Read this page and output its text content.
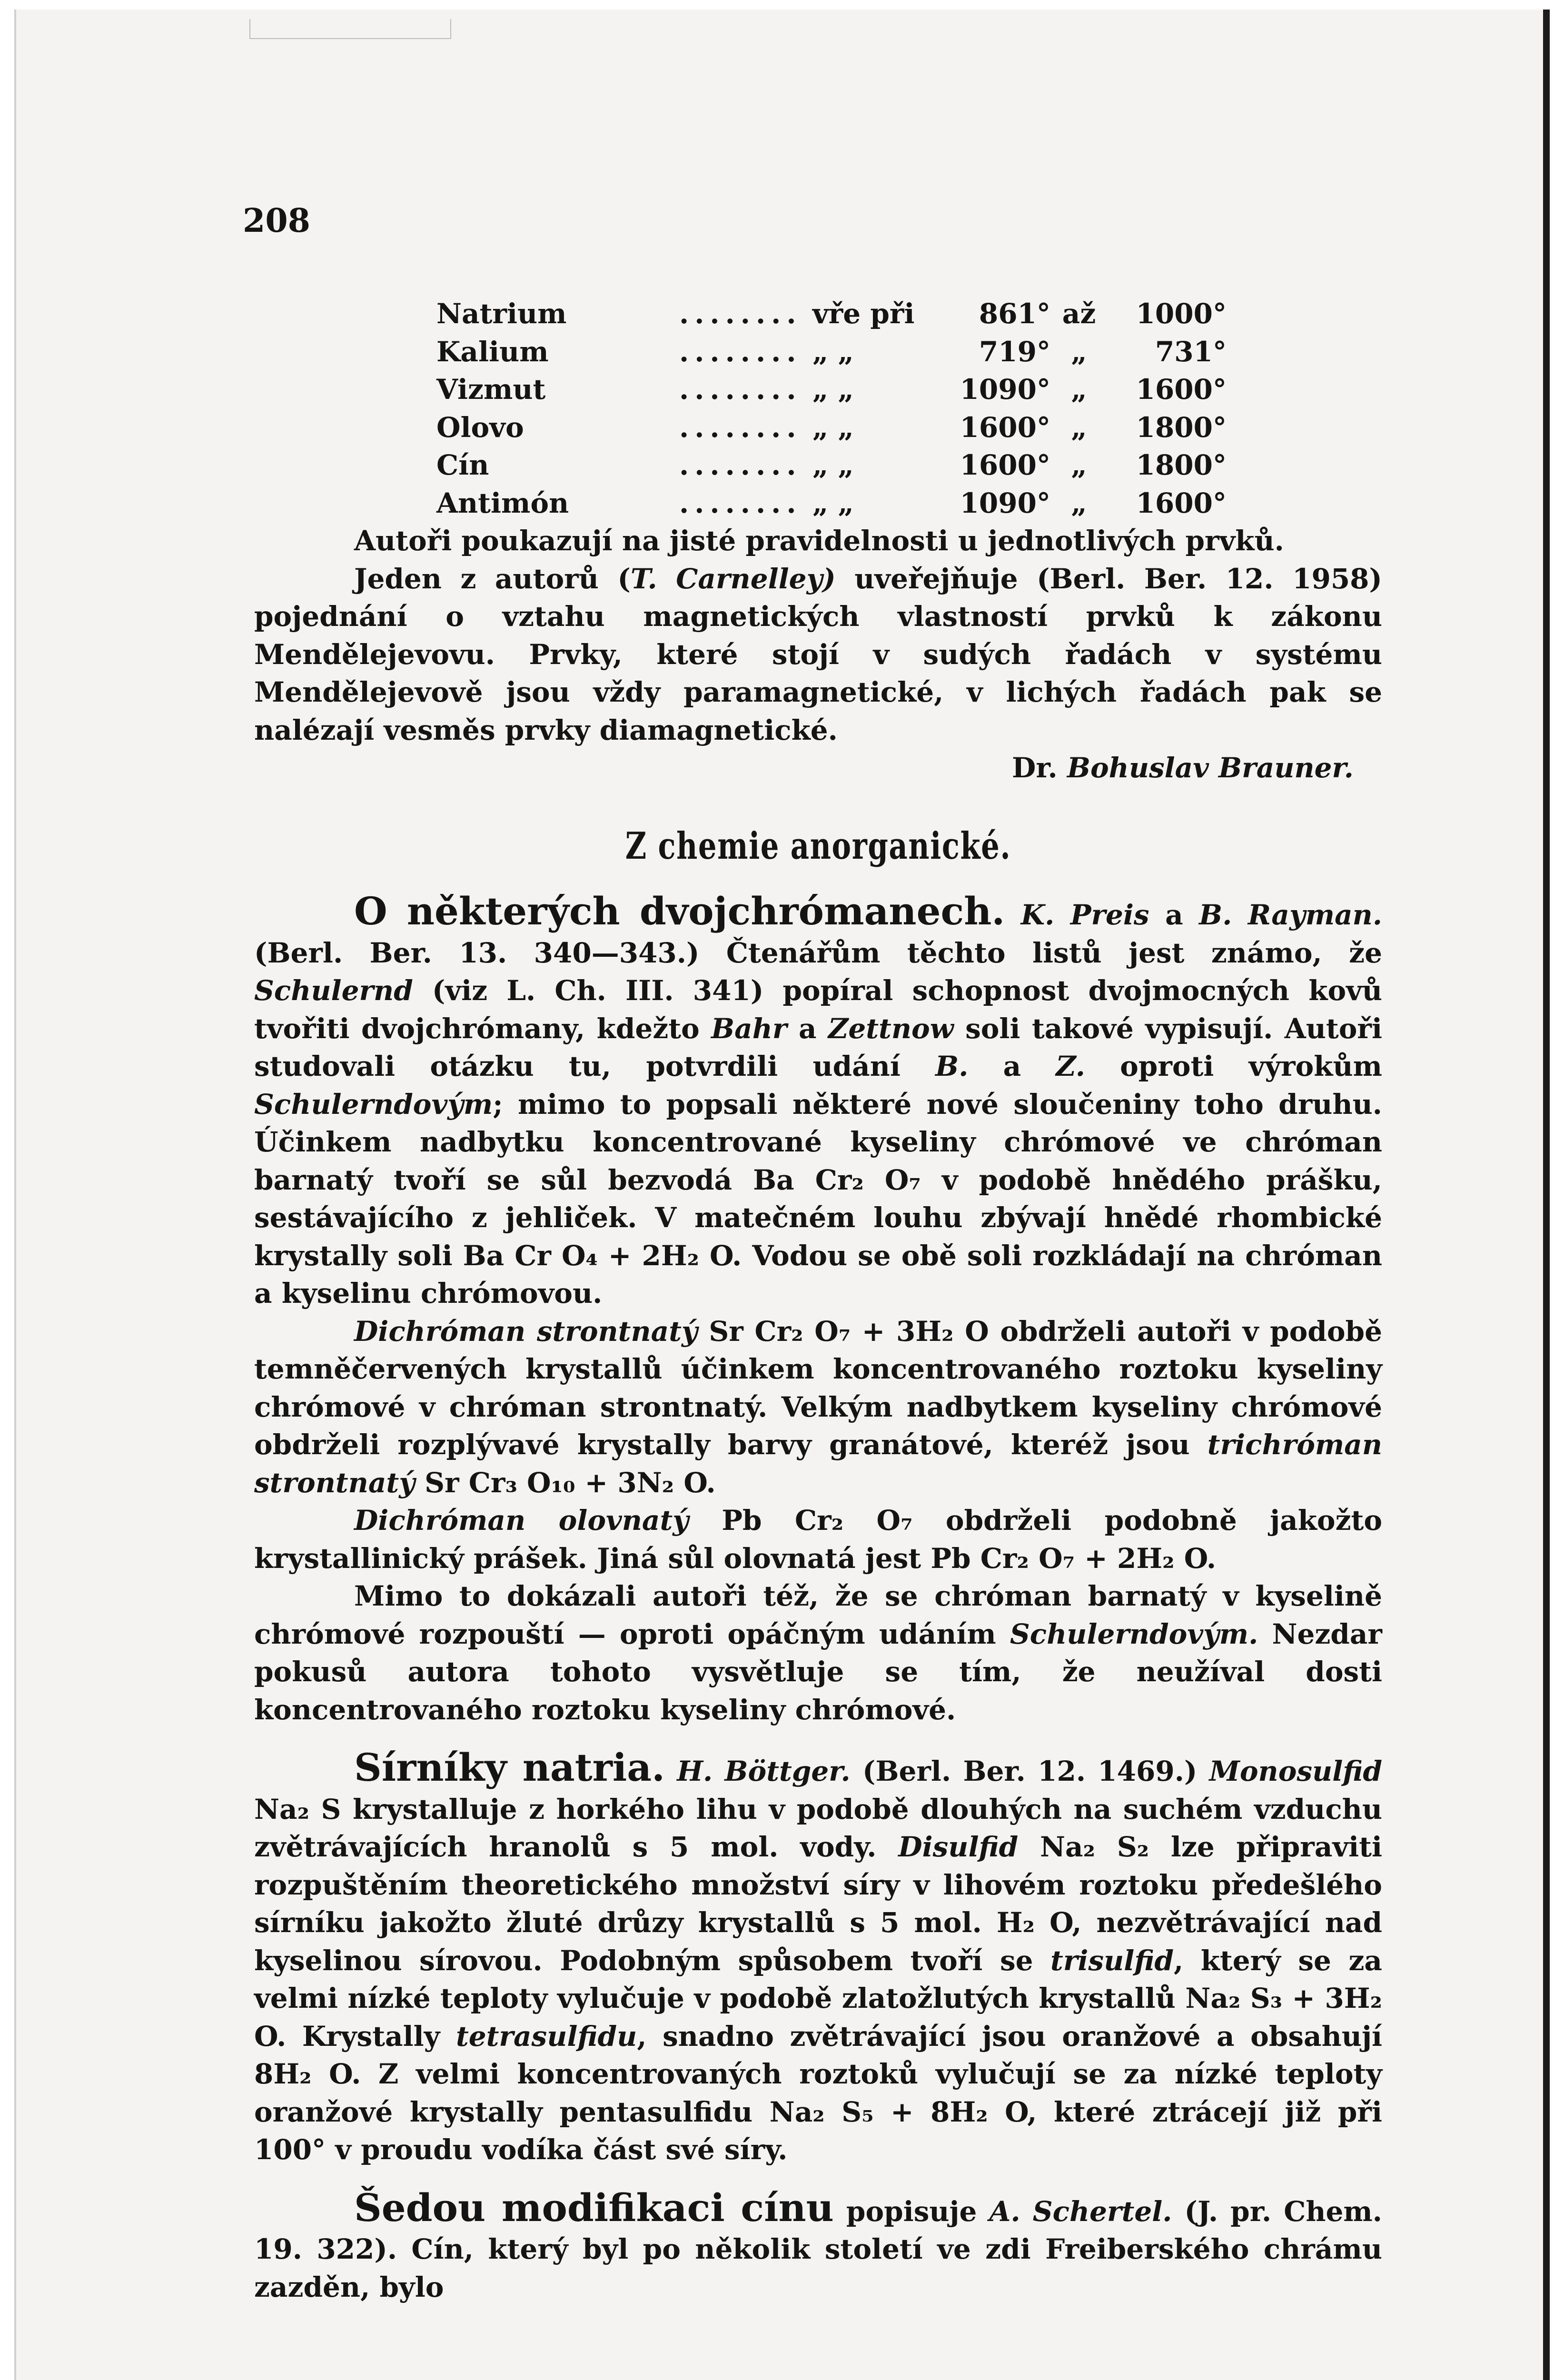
208
Natrium	........	vře při	861°	až	1000°
Kalium	........	„ „	719°	„	731°
Vizmut	........	„ „	1090°	„	1600°
Olovo	........	„ „	1600°	„	1800°
Cín	........	„ „	1600°	„	1800°
Antimón	........	„ „	1090°	„	1600°

Autoři poukazují na jisté pravidelnosti u jednotlivých prvků.

Jeden z autorů (T. Carnelley) uveřejňuje (Berl. Ber. 12. 1958) pojednání o vztahu magnetických vlastností prvků k zákonu Mendělejevovu. Prvky, které stojí v sudých řadách v systému Mendělejevově jsou vždy paramagnetické, v lichých řadách pak se nalézají vesměs prvky diamagnetické.

Dr. Bohuslav Brauner.
Z chemie anorganické.

O některých dvojchrómanech. K. Preis a B. Rayman. (Berl. Ber. 13. 340—343.) Čtenářům těchto listů jest známo, že Schulernd (viz L. Ch. III. 341) popíral schopnost dvojmocných kovů tvořiti dvojchrómany, kdežto Bahr a Zettnow soli takové vypisují. Autoři studovali otázku tu, potvrdili udání B. a Z. oproti výrokům Schulerndovým; mimo to popsali některé nové sloučeniny toho druhu. Účinkem nadbytku koncentrované kyseliny chrómové ve chróman barnatý tvoří se sůl bezvodá Ba Cr₂ O₇ v podobě hnědého prášku, sestávajícího z jehliček. V matečném louhu zbývají hnědé rhombické krystally soli Ba Cr O₄ + 2H₂ O. Vodou se obě soli rozkládají na chróman a kyselinu chrómovou.

Dichróman strontnatý Sr Cr₂ O₇ + 3H₂ O obdrželi autoři v podobě temněčervených krystallů účinkem koncentrovaného roztoku kyseliny chrómové v chróman strontnatý. Velkým nadbytkem kyseliny chrómové obdrželi rozplývavé krystally barvy granátové, kteréž jsou trichróman strontnatý Sr Cr₃ O₁₀ + 3N₂ O.

Dichróman olovnatý Pb Cr₂ O₇ obdrželi podobně jakožto krystallinický prášek. Jiná sůl olovnatá jest Pb Cr₂ O₇ + 2H₂ O.

Mimo to dokázali autoři též, že se chróman barnatý v kyselině chrómové rozpouští — oproti opáčným udáním Schulerndovým. Nezdar pokusů autora tohoto vysvětluje se tím, že neužíval dosti koncentrovaného roztoku kyseliny chrómové.

Sírníky natria. H. Böttger. (Berl. Ber. 12. 1469.) Monosulfid Na₂ S krystalluje z horkého lihu v podobě dlouhých na suchém vzduchu zvětrávajících hranolů s 5 mol. vody. Disulfid Na₂ S₂ lze připraviti rozpuštěním theoretického množství síry v lihovém roztoku předešlého sírníku jakožto žluté drůzy krystallů s 5 mol. H₂ O, nezvětrávající nad kyselinou sírovou. Podobným spůsobem tvoří se trisulfid, který se za velmi nízké teploty vylučuje v podobě zlatožlutých krystallů Na₂ S₃ + 3H₂ O. Krystally tetrasulfidu, snadno zvětrávající jsou oranžové a obsahují 8H₂ O. Z velmi koncentrovaných roztoků vylučují se za nízké teploty oranžové krystally pentasulfidu Na₂ S₅ + 8H₂ O, které ztrácejí již při 100° v proudu vodíka část své síry.

Šedou modifikaci cínu popisuje A. Schertel. (J. pr. Chem. 19. 322). Cín, který byl po několik století ve zdi Freiberského chrámu zazděn, bylo
